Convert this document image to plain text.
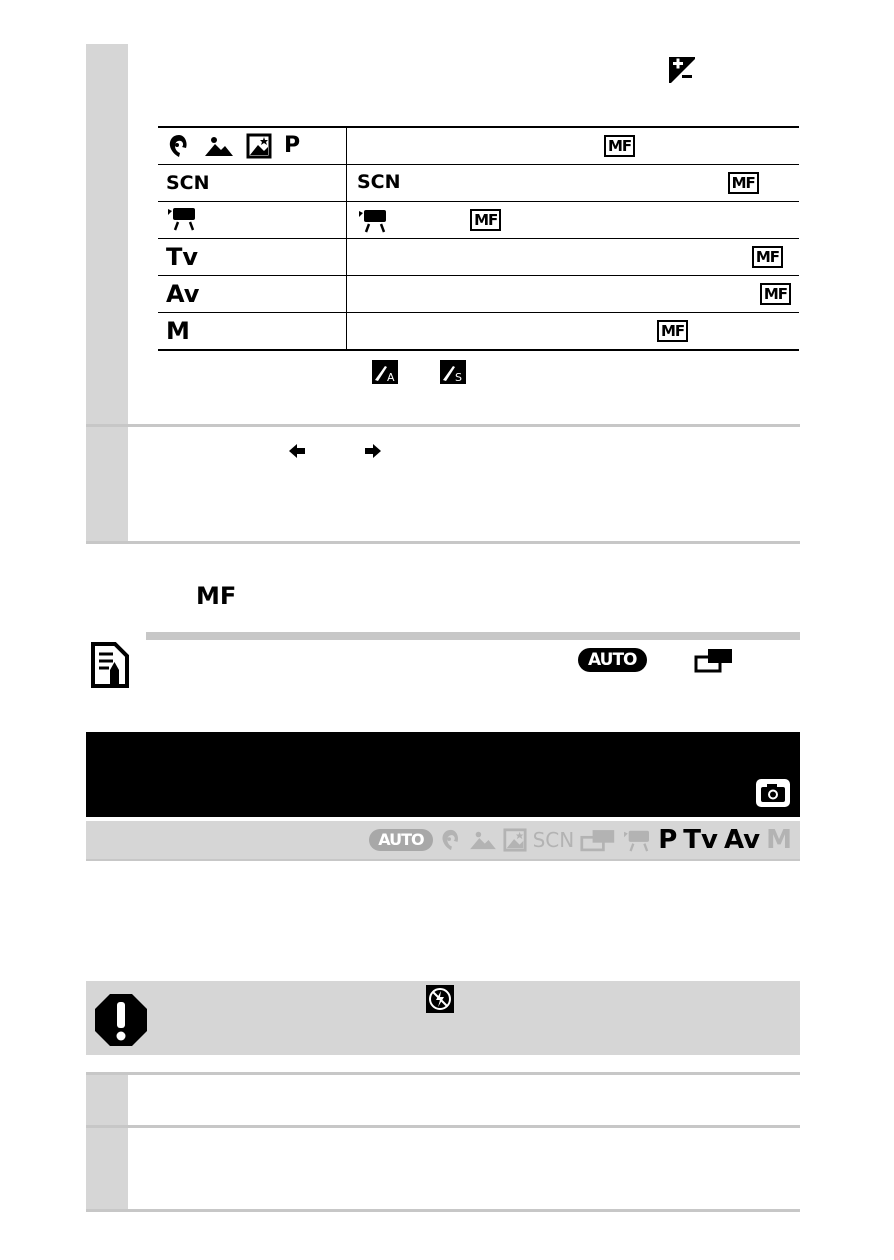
P	MF
SCN	SCN MF
	MF
Tv	MF
Av	MF
M	MF
A	S
MF
AUTO
AUTO	SCN	P Tv Av M
